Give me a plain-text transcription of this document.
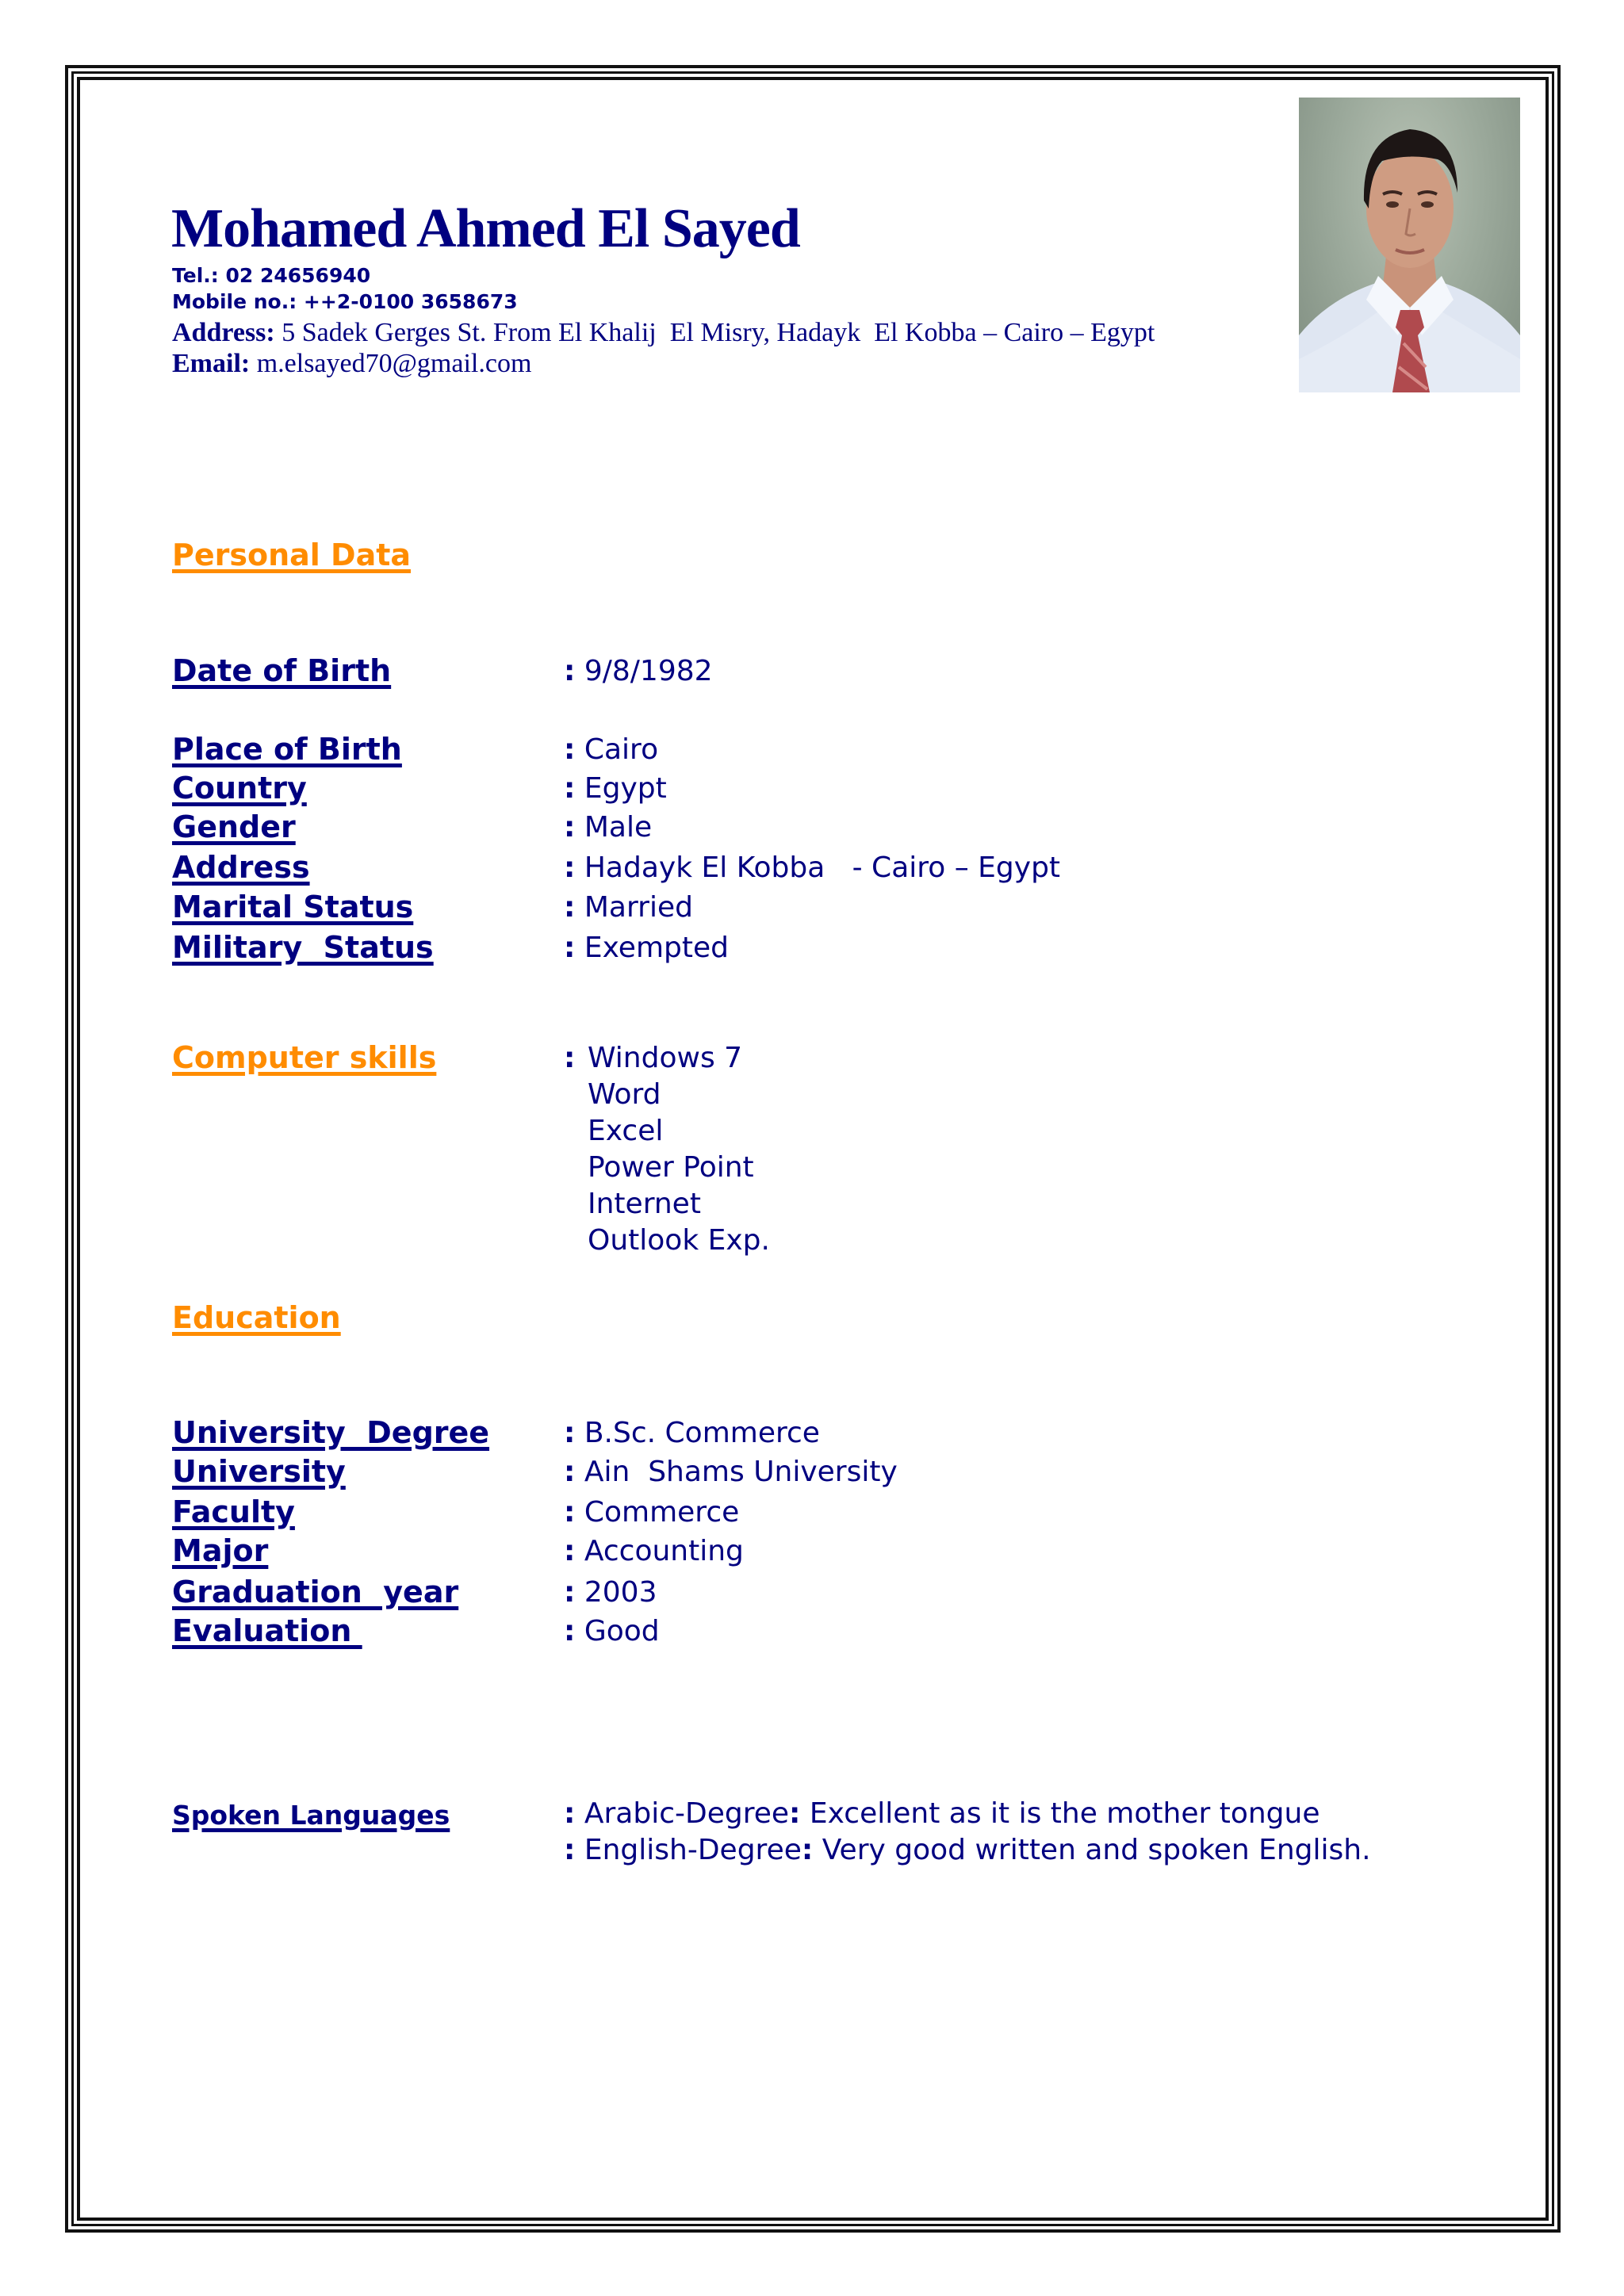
Mohamed Ahmed El Sayed
Tel.: 02 24656940
Mobile no.: ++2-0100 3658673
Address: 5 Sadek Gerges St. From El Khalij  El Misry, Hadayk  El Kobba – Cairo – Egypt
Email: m.elsayed70@gmail.com
Personal Data
Date of Birth	: 9/8/1982
Place of Birth	: Cairo
Country	: Egypt
Gender	: Male
Address	: Hadayk El Kobba   - Cairo – Egypt
Marital Status	: Married
Military  Status	: Exempted
Computer skills	: Windows 7
Word
Excel
Power Point
Internet
Outlook Exp.
Education
University  Degree	: B.Sc. Commerce
University	: Ain  Shams University
Faculty	: Commerce
Major	: Accounting
Graduation  year	: 2003
Evaluation	: Good
Spoken Languages	: Arabic-Degree: Excellent as it is the mother tongue
: English-Degree: Very good written and spoken English.
